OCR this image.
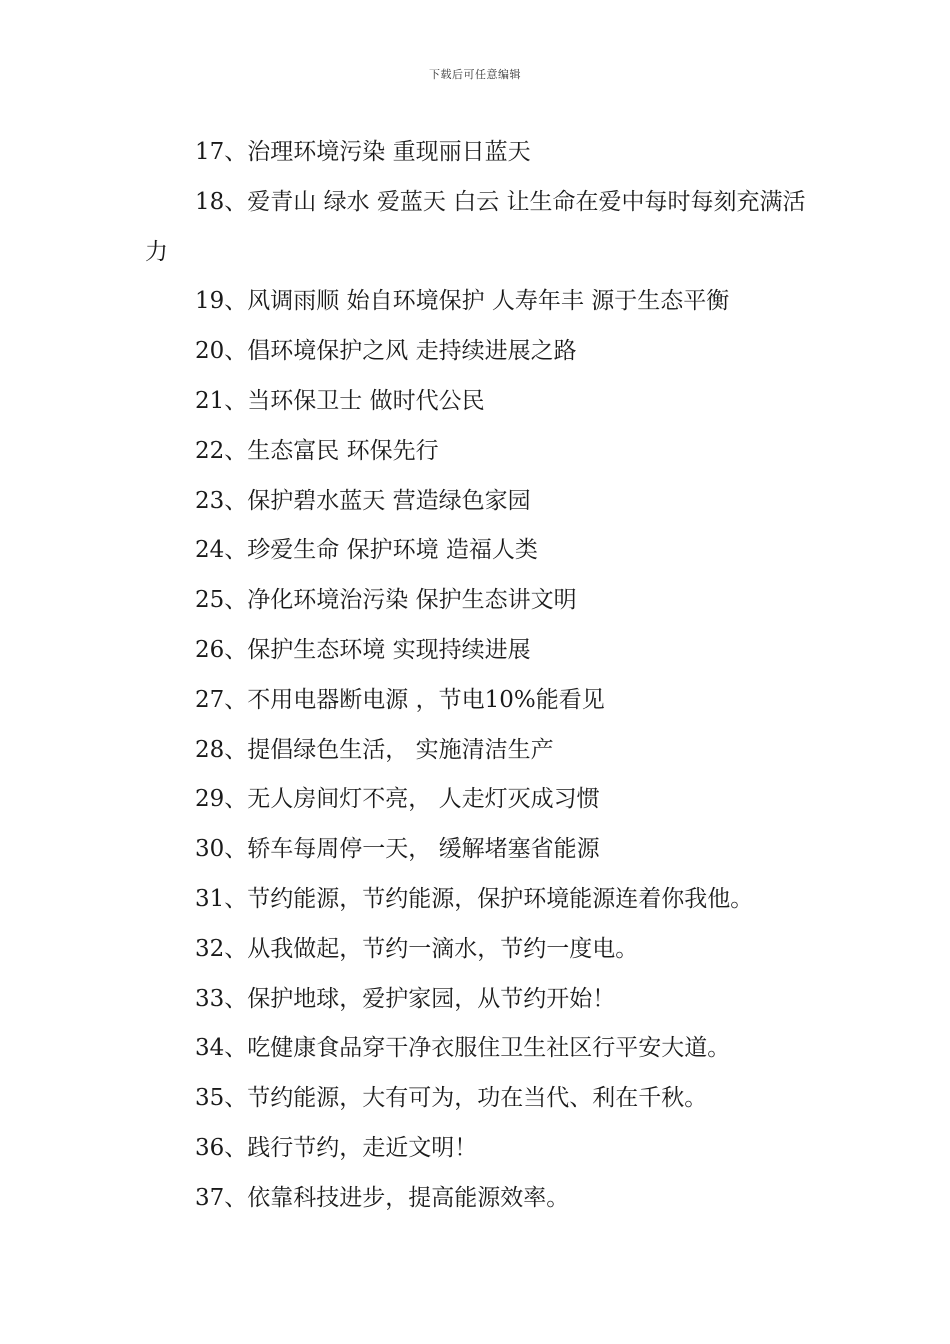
下载后可任意编辑
17、治理环境污染 重现丽日蓝天
18、爱青山 绿水 爱蓝天 白云 让生命在爱中每时每刻充满活力
19、风调雨顺 始自环境保护 人寿年丰 源于生态平衡
20、倡环境保护之风 走持续进展之路
21、当环保卫士 做时代公民
22、生态富民 环保先行
23、保护碧水蓝天 营造绿色家园
24、珍爱生命 保护环境 造福人类
25、净化环境治污染 保护生态讲文明
26、保护生态环境 实现持续进展
27、不用电器断电源 ，节电10%能看见
28、提倡绿色生活， 实施清洁生产
29、无人房间灯不亮， 人走灯灭成习惯
30、轿车每周停一天， 缓解堵塞省能源
31、节约能源，节约能源，保护环境能源连着你我他。
32、从我做起，节约一滴水，节约一度电。
33、保护地球，爱护家园，从节约开始！
34、吃健康食品穿干净衣服住卫生社区行平安大道。
35、节约能源，大有可为，功在当代、利在千秋。
36、践行节约，走近文明！
37、依靠科技进步，提高能源效率。
